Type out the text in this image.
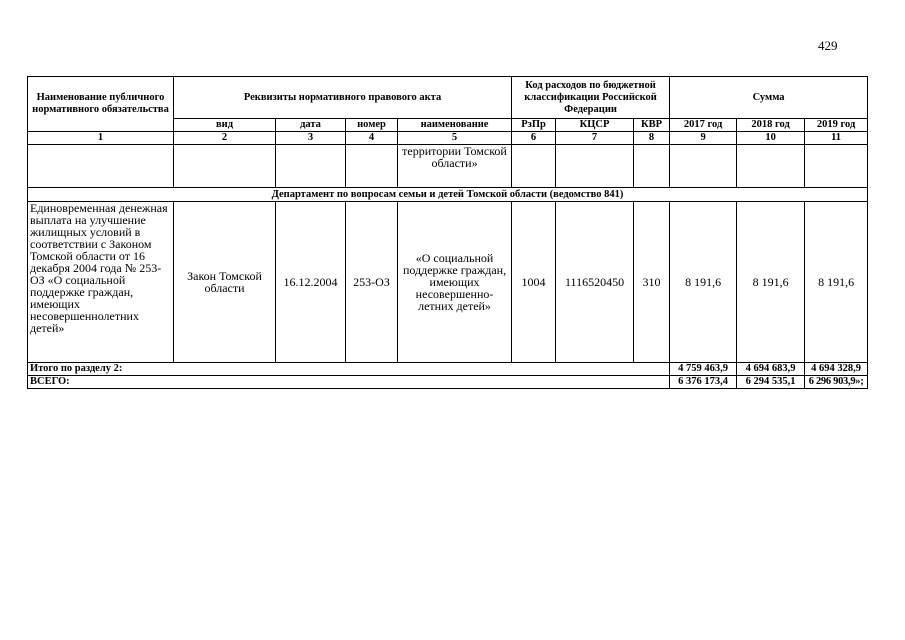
429
Наименование публичного нормативного обязательства	Реквизиты нормативного правового акта				Код расходов по бюджетной классификации Российской Федерации			Сумма		
	вид	дата	номер	наименование	РзПр	КЦСР	КВР	2017 год	2018 год	2019 год
1	2	3	4	5	6	7	8	9	10	11
				территории Томской области»						
Департамент по вопросам семьи и детей Томской области (ведомство 841)										
Единовременная денежная выплата на улучшение жилищных условий в соответствии с Законом Томской области от 16 декабря 2004 года № 253-ОЗ «О социальной поддержке граждан, имеющих несовершеннолетних детей»	Закон Томской области	16.12.2004	253-ОЗ	«О социальной поддержке граждан, имеющих несовершенно-летних детей»	1004	1116520450	310	8 191,6	8 191,6	8 191,6
Итого по разделу 2:								4 759 463,9	4 694 683,9	4 694 328,9
ВСЕГО:								6 376 173,4	6 294 535,1	6 296 903,9»;
